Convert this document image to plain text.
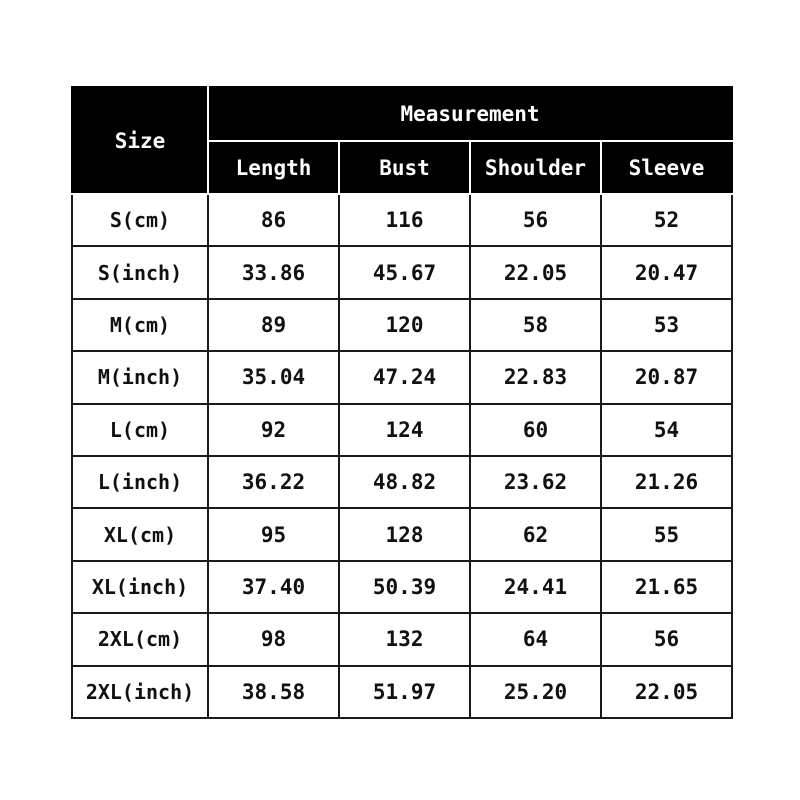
Size	Measurement			
	Length	Bust	Shoulder	Sleeve
S(cm)	86	116	56	52
S(inch)	33.86	45.67	22.05	20.47
M(cm)	89	120	58	53
M(inch)	35.04	47.24	22.83	20.87
L(cm)	92	124	60	54
L(inch)	36.22	48.82	23.62	21.26
XL(cm)	95	128	62	55
XL(inch)	37.40	50.39	24.41	21.65
2XL(cm)	98	132	64	56
2XL(inch)	38.58	51.97	25.20	22.05
